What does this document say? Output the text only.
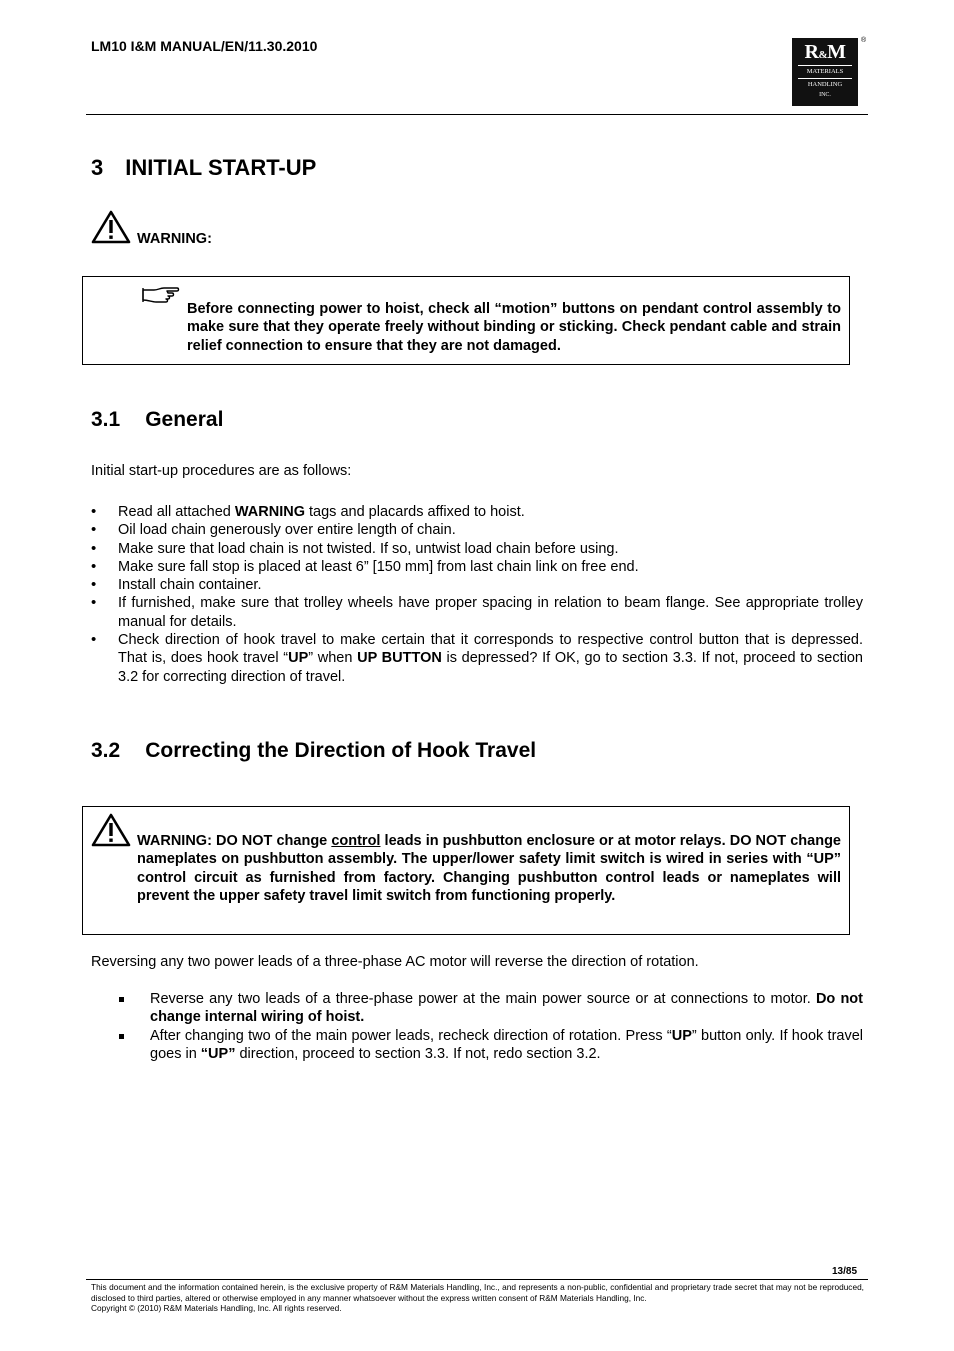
LM10 I&M MANUAL/EN/11.30.2010	R&M
MATERIALS
HANDLING
INC.
®
3 INITIAL START-UP
WARNING:
Before connecting power to hoist, check all “motion” buttons on pendant control assembly to make sure that they operate freely without binding or sticking. Check pendant cable and strain relief connection to ensure that they are not damaged.
3.1 General
Initial start-up procedures are as follows:
• Read all attached WARNING tags and placards affixed to hoist.
• Oil load chain generously over entire length of chain.
• Make sure that load chain is not twisted. If so, untwist load chain before using.
• Make sure fall stop is placed at least 6” [150 mm] from last chain link on free end.
• Install chain container.
• If furnished, make sure that trolley wheels have proper spacing in relation to beam flange. See appropriate trolley manual for details.
• Check direction of hook travel to make certain that it corresponds to respective control button that is depressed. That is, does hook travel “UP” when UP BUTTON is depressed? If OK, go to section 3.3. If not, proceed to section 3.2 for correcting direction of travel.
3.2 Correcting the Direction of Hook Travel
WARNING: DO NOT change control leads in pushbutton enclosure or at motor relays. DO NOT change nameplates on pushbutton assembly. The upper/lower safety limit switch is wired in series with “UP” control circuit as furnished from factory. Changing pushbutton control leads or nameplates will prevent the upper safety travel limit switch from functioning properly.
Reversing any two power leads of a three-phase AC motor will reverse the direction of rotation.
Reverse any two leads of a three-phase power at the main power source or at connections to motor. Do not change internal wiring of hoist.
After changing two of the main power leads, recheck direction of rotation. Press “UP” button only. If hook travel goes in “UP” direction, proceed to section 3.3. If not, redo section 3.2.
13/85
This document and the information contained herein, is the exclusive property of R&M Materials Handling, Inc., and represents a non-public, confidential and proprietary trade secret that may not be reproduced, disclosed to third parties, altered or otherwise employed in any manner whatsoever without the express written consent of R&M Materials Handling, Inc.
Copyright © (2010) R&M Materials Handling, Inc. All rights reserved.
